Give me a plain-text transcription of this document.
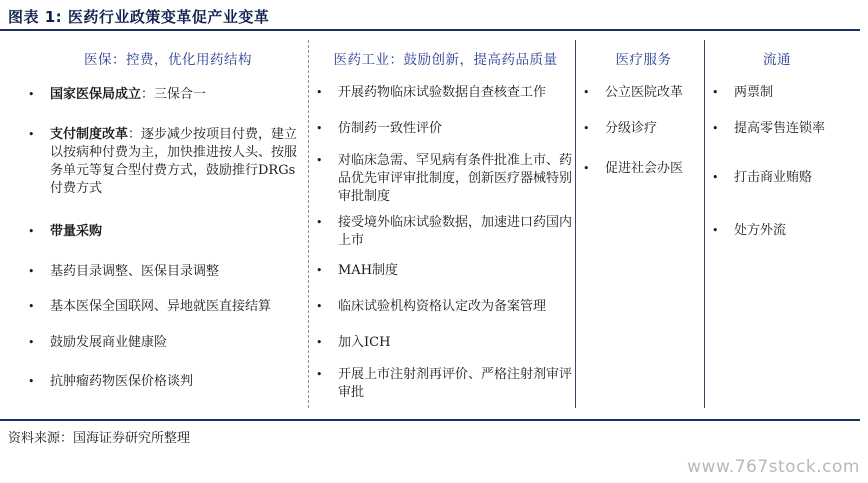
图表 1: 医药行业政策变革促产业变革
医保：控费，优化用药结构
•	国家医保局成立：三保合一
•	支付制度改革：逐步减少按项目付费，建立以按病种付费为主，加快推进按人头、按服务单元等复合型付费方式，鼓励推行DRGs付费方式
•	带量采购
•	基药目录调整、医保目录调整
•	基本医保全国联网、异地就医直接结算
•	鼓励发展商业健康险
•	抗肿瘤药物医保价格谈判
医药工业：鼓励创新，提高药品质量
•	开展药物临床试验数据自查核查工作
•	仿制药一致性评价
•	对临床急需、罕见病有条件批准上市、药品优先审评审批制度，创新医疗器械特别审批制度
•	接受境外临床试验数据，加速进口药国内上市
•	MAH制度
•	临床试验机构资格认定改为备案管理
•	加入ICH
•	开展上市注射剂再评价、严格注射剂审评审批
医疗服务
•	公立医院改革
•	分级诊疗
•	促进社会办医
流通
•	两票制
•	提高零售连锁率
•	打击商业贿赂
•	处方外流
资料来源：国海证券研究所整理
www.767stock.com
